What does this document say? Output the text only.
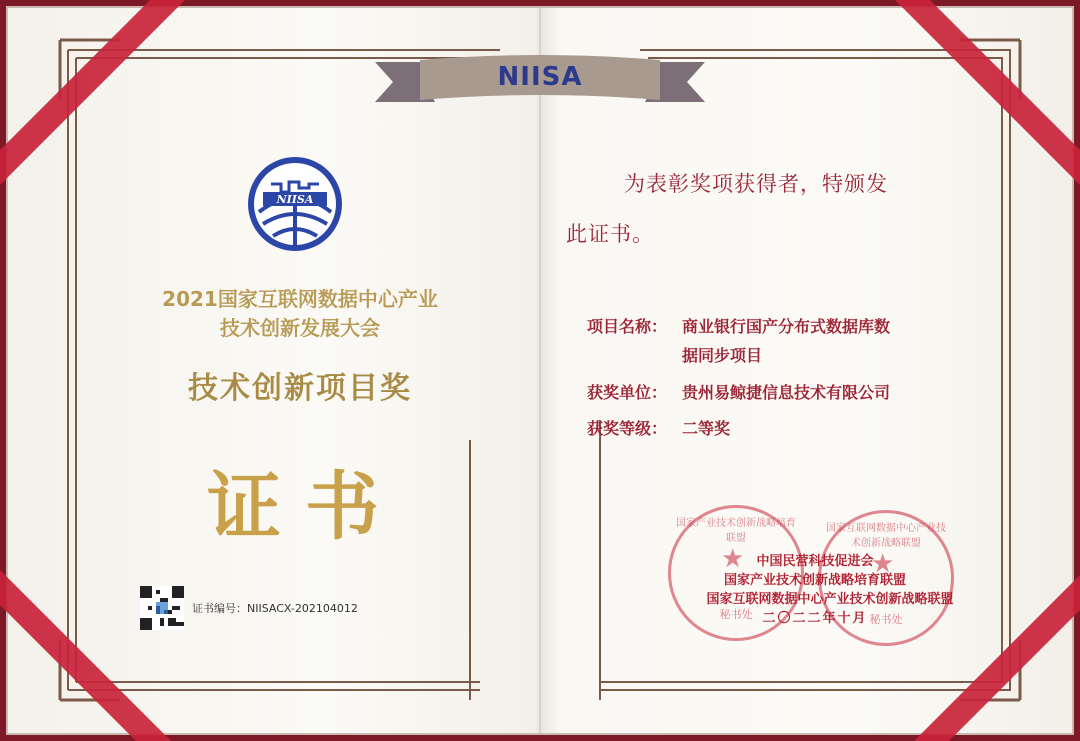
NIISA
NIISA
2021国家互联网数据中心产业
技术创新发展大会
技术创新项目奖
证书
证书编号：NIISACX-202104012
为表彰奖项获得者，特颁发
此证书。
项目名称： 商业银行国产分布式数据库数
据同步项目
获奖单位： 贵州易鲸捷信息技术有限公司
获奖等级： 二等奖
国家产业技术创新战略培育联盟
★
秘书处
国家互联网数据中心产业技术创新战略联盟
★
秘书处
中国民营科技促进会
国家产业技术创新战略培育联盟
国家互联网数据中心产业技术创新战略联盟
二〇二二年十月
